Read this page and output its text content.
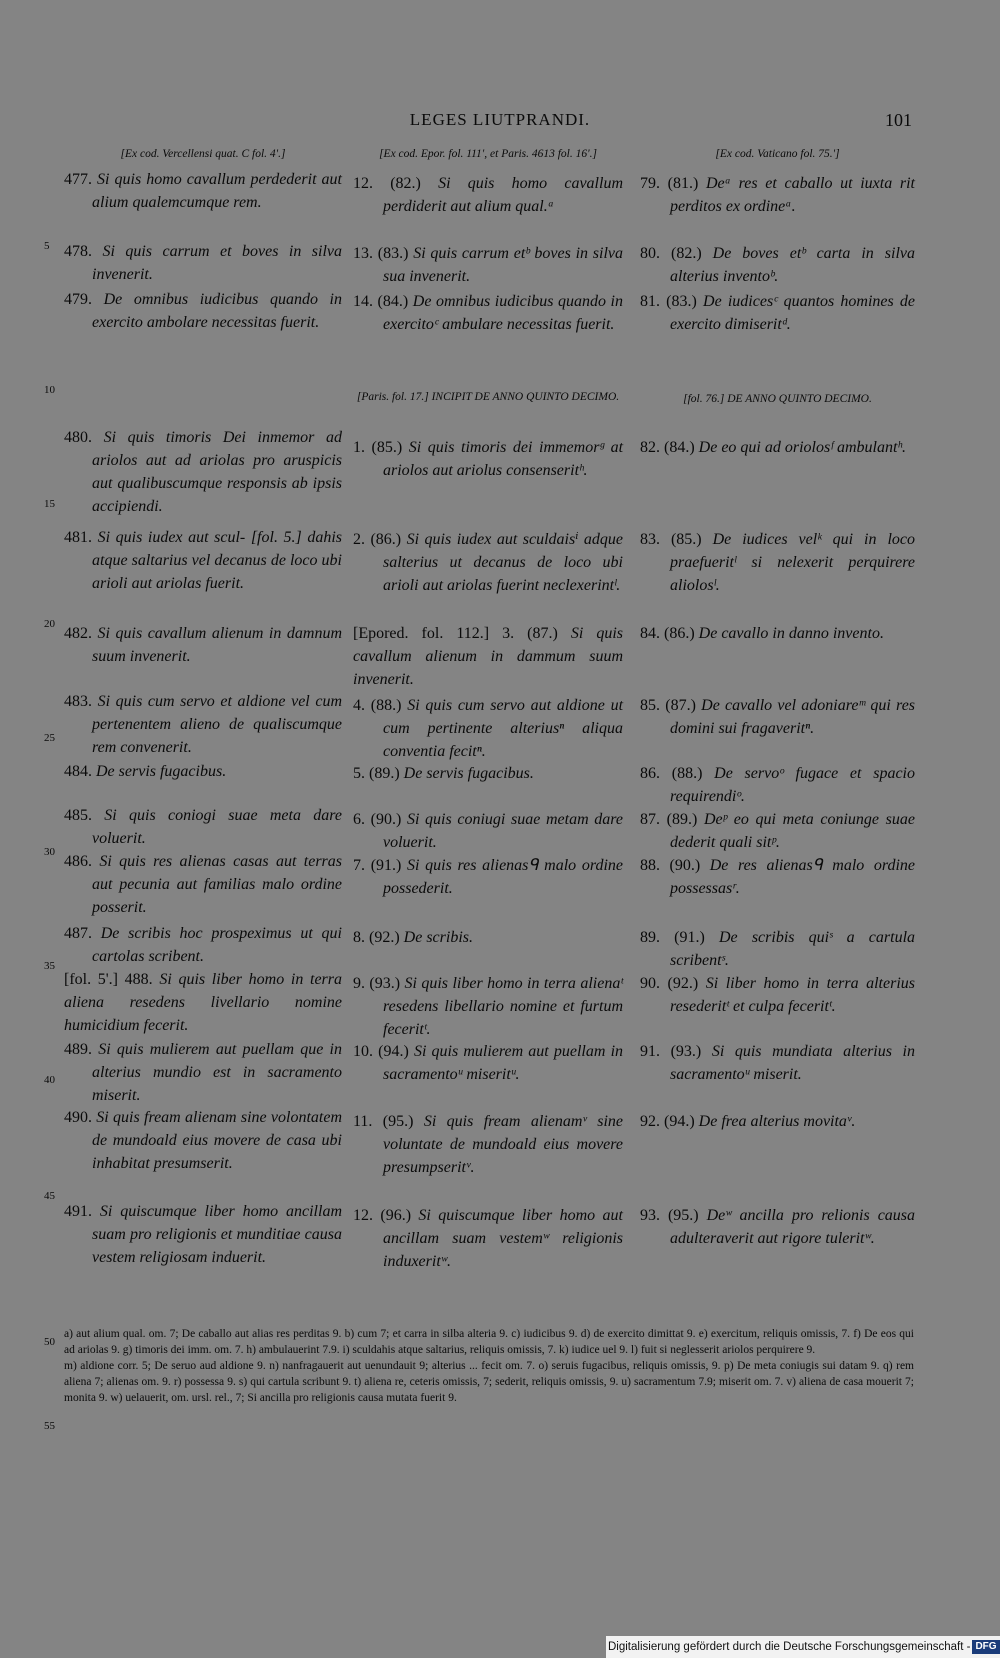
LEGES LIUTPRANDI.	101
5
10
15
20
25
30
35
40
45
50
55
[Ex cod. Vercellensi quat. C fol. 4'.]
477. Si quis homo cavallum perdederit aut alium qualemcumque rem.
478. Si quis carrum et boves in silva invenerit.
479. De omnibus iudicibus quando in exercito ambolare necessitas fuerit.
480. Si quis timoris Dei inmemor ad ariolos aut ad ariolas pro aruspicis aut qualibuscumque responsis ab ipsis accipiendi.
481. Si quis iudex aut scul- [fol. 5.] dahis atque saltarius vel decanus de loco ubi arioli aut ariolas fuerit.
482. Si quis cavallum alienum in damnum suum invenerit.
483. Si quis cum servo et aldione vel cum pertenentem alieno de qualiscumque rem convenerit.
484. De servis fugacibus.
485. Si quis coniogi suae meta dare voluerit.
486. Si quis res alienas casas aut terras aut pecunia aut familias malo ordine posserit.
487. De scribis hoc prospeximus ut qui cartolas scribent.
[fol. 5'.] 488. Si quis liber homo in terra aliena resedens livellario nomine humicidium fecerit.
489. Si quis mulierem aut puellam que in alterius mundio est in sacramento miserit.
490. Si quis fream alienam sine volontatem de mundoald eius movere de casa ubi inhabitat presumserit.
491. Si quiscumque liber homo ancillam suam pro religionis et munditiae causa vestem religiosam induerit.
[Ex cod. Epor. fol. 111', et Paris. 4613 fol. 16'.]
12. (82.) Si quis homo cavallum perdiderit aut alium qual.ᵃ
13. (83.) Si quis carrum etᵇ boves in silva sua invenerit.
14. (84.) De omnibus iudicibus quando in exercitoᶜ ambulare necessitas fuerit.
[Paris. fol. 17.] INCIPIT DE ANNO QUINTO DECIMO.
1. (85.) Si quis timoris dei immemorᵍ at ariolos aut ariolus consenseritʰ.
2. (86.) Si quis iudex aut sculdaisⁱ adque salterius ut decanus de loco ubi arioli aut ariolas fuerint neclexerintˡ.
[Epored. fol. 112.] 3. (87.) Si quis cavallum alienum in dammum suum invenerit.
4. (88.) Si quis cum servo aut aldione ut cum pertinente alteriusⁿ aliqua conventia fecitⁿ.
5. (89.) De servis fugacibus.
6. (90.) Si quis coniugi suae metam dare voluerit.
7. (91.) Si quis res alienasᑫ malo ordine possederit.
8. (92.) De scribis.
9. (93.) Si quis liber homo in terra alienaᵗ resedens libellario nomine et furtum feceritᵗ.
10. (94.) Si quis mulierem aut puellam in sacramentoᵘ miseritᵘ.
11. (95.) Si quis fream alienamᵛ sine voluntate de mundoald eius movere presumpseritᵛ.
12. (96.) Si quiscumque liber homo aut ancillam suam vestemʷ religionis induxeritʷ.
[Ex cod. Vaticano fol. 75.']
79. (81.) Deᵃ res et caballo ut iuxta rit perditos ex ordineᵃ.
80. (82.) De boves etᵇ carta in silva alterius inventoᵇ.
81. (83.) De iudicesᶜ quantos homines de exercito dimiseritᵈ.
[fol. 76.] DE ANNO QUINTO DECIMO.
82. (84.) De eo qui ad oriolosᶠ ambulantʰ.
83. (85.) De iudices velᵏ qui in loco praefueritˡ si nelexerit perquirere aliolosˡ.
84. (86.) De cavallo in danno invento.
85. (87.) De cavallo vel adoniareᵐ qui res domini sui fragaveritⁿ.
86. (88.) De servoᵒ fugace et spacio requirendiᵒ.
87. (89.) Deᵖ eo qui meta coniunge suae dederit quali sitᵖ.
88. (90.) De res alienasᑫ malo ordine possessasʳ.
89. (91.) De scribis quiˢ a cartula scribentˢ.
90. (92.) Si liber homo in terra alterius resederitᵗ et culpa feceritᵗ.
91. (93.) Si quis mundiata alterius in sacramentoᵘ miserit.
92. (94.) De frea alterius movitaᵛ.
93. (95.) Deʷ ancilla pro relionis causa adulteraverit aut rigore tuleritʷ.

a) aut alium qual. om. 7; De caballo aut alias res perditas 9. b) cum 7; et carra in silba alteria 9. c) iudicibus 9. d) de exercito dimittat 9. e) exercitum, reliquis omissis, 7. f) De eos qui ad ariolas 9. g) timoris dei imm. om. 7. h) ambulauerint 7.9. i) sculdahis atque saltarius, reliquis omissis, 7. k) iudice uel 9. l) fuit si neglesserit ariolos perquirere 9.

m) aldione corr. 5; De seruo aud aldione 9. n) nanfragauerit aut uenundauit 9; alterius ... fecit om. 7. o) seruis fugacibus, reliquis omissis, 9. p) De meta coniugis sui datam 9. q) rem aliena 7; alienas om. 9. r) possessa 9. s) qui cartula scribunt 9. t) aliena re, ceteris omissis, 7; sederit, reliquis omissis, 9. u) sacramentum 7.9; miserit om. 7. v) aliena de casa mouerit 7; monita 9. w) uelauerit, om. ursl. rel., 7; Si ancilla pro religionis causa mutata fuerit 9.

Digitalisierung gefördert durch die Deutsche Forschungsgemeinschaft - DFG
